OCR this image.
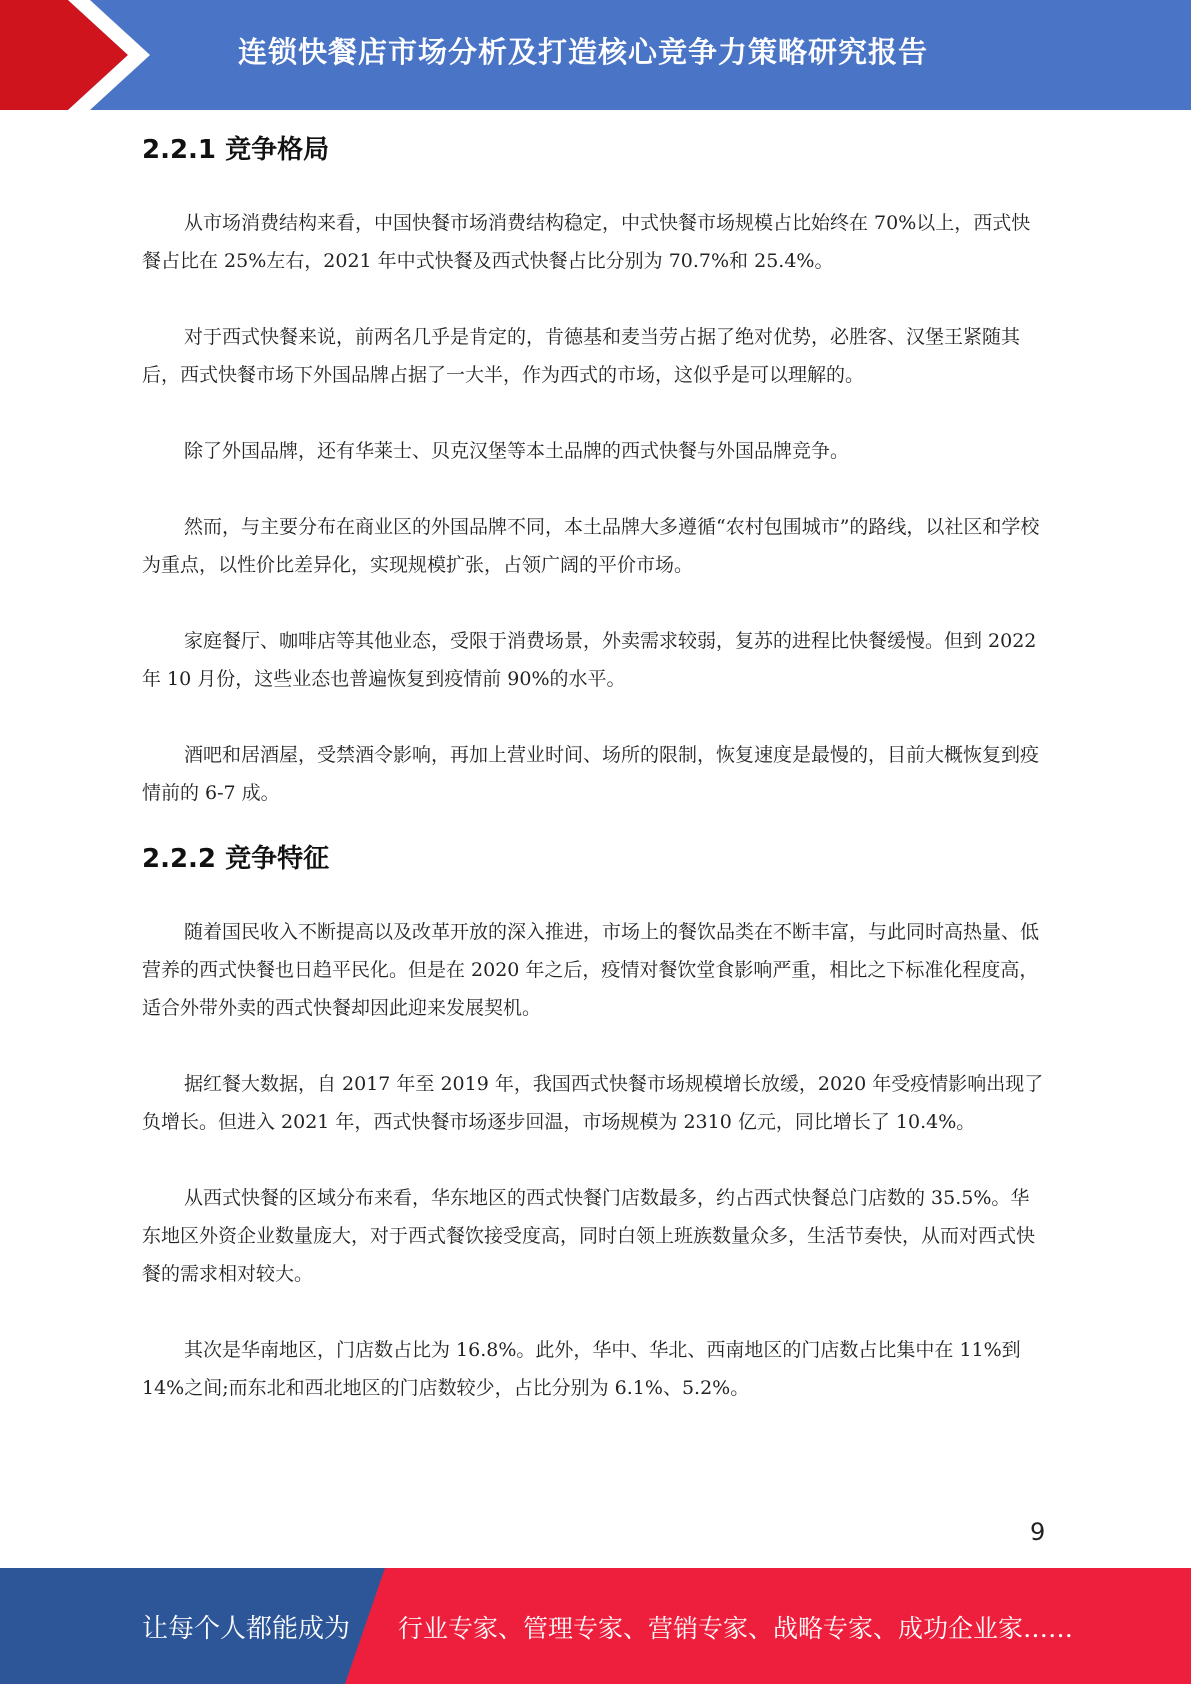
连锁快餐店市场分析及打造核心竞争力策略研究报告
2.2.1 竞争格局

从市场消费结构来看，中国快餐市场消费结构稳定，中式快餐市场规模占比始终在 70%以上，西式快餐占比在 25%左右，2021 年中式快餐及西式快餐占比分别为 70.7%和 25.4%。

对于西式快餐来说，前两名几乎是肯定的，肯德基和麦当劳占据了绝对优势，必胜客、汉堡王紧随其后，西式快餐市场下外国品牌占据了一大半，作为西式的市场，这似乎是可以理解的。

除了外国品牌，还有华莱士、贝克汉堡等本土品牌的西式快餐与外国品牌竞争。

然而，与主要分布在商业区的外国品牌不同，本土品牌大多遵循“农村包围城市”的路线，以社区和学校为重点，以性价比差异化，实现规模扩张，占领广阔的平价市场。

家庭餐厅、咖啡店等其他业态，受限于消费场景，外卖需求较弱，复苏的进程比快餐缓慢。但到 2022 年 10 月份，这些业态也普遍恢复到疫情前 90%的水平。

酒吧和居酒屋，受禁酒令影响，再加上营业时间、场所的限制，恢复速度是最慢的，目前大概恢复到疫情前的 6-7 成。

2.2.2 竞争特征

随着国民收入不断提高以及改革开放的深入推进，市场上的餐饮品类在不断丰富，与此同时高热量、低营养的西式快餐也日趋平民化。但是在 2020 年之后，疫情对餐饮堂食影响严重，相比之下标准化程度高，适合外带外卖的西式快餐却因此迎来发展契机。

据红餐大数据，自 2017 年至 2019 年，我国西式快餐市场规模增长放缓，2020 年受疫情影响出现了负增长。但进入 2021 年，西式快餐市场逐步回温，市场规模为 2310 亿元，同比增长了 10.4%。

从西式快餐的区域分布来看，华东地区的西式快餐门店数最多，约占西式快餐总门店数的 35.5%。华东地区外资企业数量庞大，对于西式餐饮接受度高，同时白领上班族数量众多，生活节奏快，从而对西式快餐的需求相对较大。

其次是华南地区，门店数占比为 16.8%。此外，华中、华北、西南地区的门店数占比集中在 11%到 14%之间;而东北和西北地区的门店数较少，占比分别为 6.1%、5.2%。

9
让每个人都能成为 行业专家、管理专家、营销专家、战略专家、成功企业家……
